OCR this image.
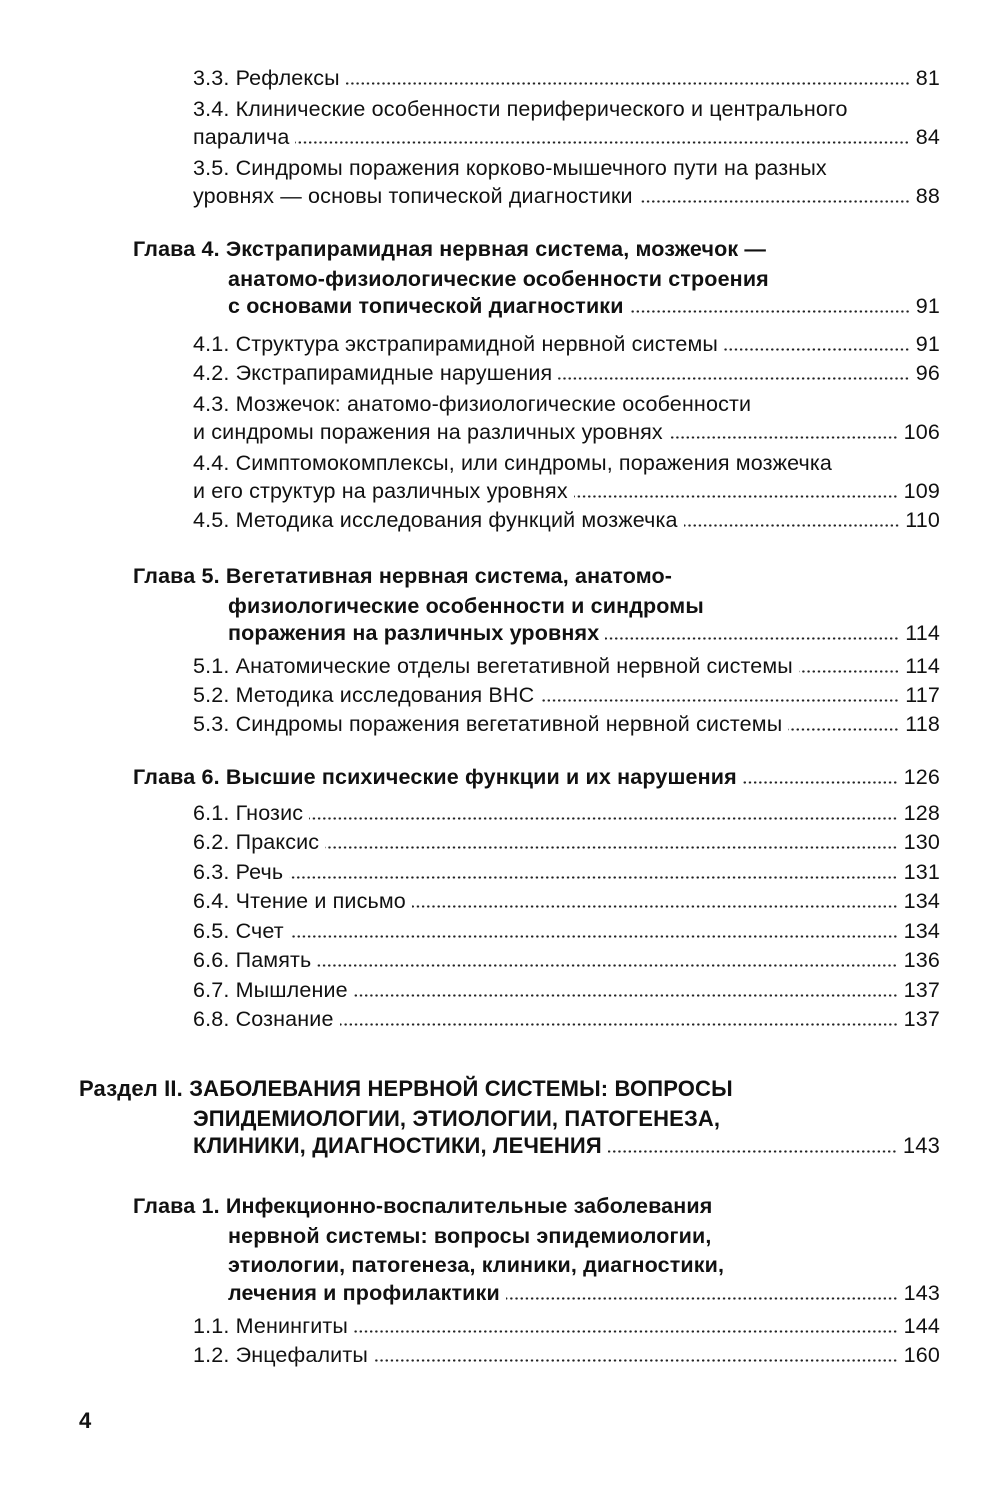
3.3. Рефлексы	81
3.4. Клинические особенности периферического и центрального
паралича	84
3.5. Синдромы поражения корково-мышечного пути на разных
уровнях — основы топической диагностики	88
Глава 4. Экстрапирамидная нервная система, мозжечок —
анатомо-физиологические особенности строения
с основами топической диагностики	91
4.1. Структура экстрапирамидной нервной системы	91
4.2. Экстрапирамидные нарушения	96
4.3. Мозжечок: анатомо-физиологические особенности
и синдромы поражения на различных уровнях	106
4.4. Симптомокомплексы, или синдромы, поражения мозжечка
и его структур на различных уровнях	109
4.5. Методика исследования функций мозжечка	110
Глава 5. Вегетативная нервная система, анатомо-
физиологические особенности и синдромы
поражения на различных уровнях	114
5.1. Анатомические отделы вегетативной нервной системы	114
5.2. Методика исследования ВНС	117
5.3. Синдромы поражения вегетативной нервной системы	118
Глава 6. Высшие психические функции и их нарушения	126
6.1. Гнозис	128
6.2. Праксис	130
6.3. Речь	131
6.4. Чтение и письмо	134
6.5. Счет	134
6.6. Память	136
6.7. Мышление	137
6.8. Сознание	137
Раздел II. ЗАБОЛЕВАНИЯ НЕРВНОЙ СИСТЕМЫ: ВОПРОСЫ
ЭПИДЕМИОЛОГИИ, ЭТИОЛОГИИ, ПАТОГЕНЕЗА,
КЛИНИКИ, ДИАГНОСТИКИ, ЛЕЧЕНИЯ	143
Глава 1. Инфекционно-воспалительные заболевания
нервной системы: вопросы эпидемиологии,
этиологии, патогенеза, клиники, диагностики,
лечения и профилактики	143
1.1. Менингиты	144
1.2. Энцефалиты	160
4
